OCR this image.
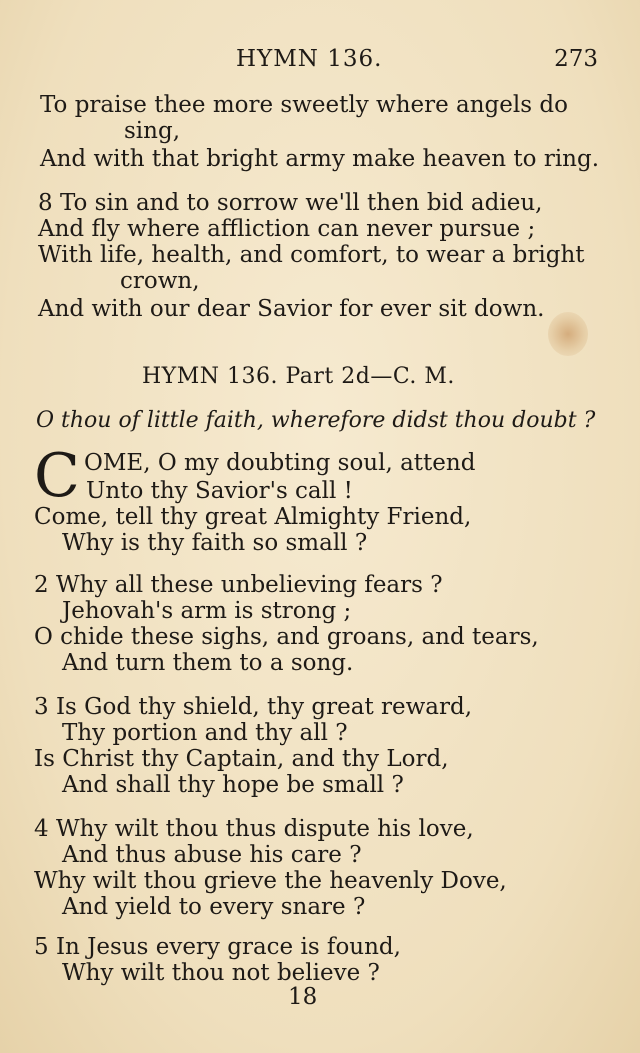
HYMN 136.	273
To praise thee more sweetly where angels do
sing,
And with that bright army make heaven to ring.
8 To sin and to sorrow we'll then bid adieu,
And fly where affliction can never pursue ;
With life, health, and comfort, to wear a bright
crown,
And with our dear Savior for ever sit down.
HYMN 136. Part 2d—C. M.
O thou of little faith, wherefore didst thou doubt ?
C OME, O my doubting soul, attend
Unto thy Savior's call !
Come, tell thy great Almighty Friend,
Why is thy faith so small ?
2 Why all these unbelieving fears ?
Jehovah's arm is strong ;
O chide these sighs, and groans, and tears,
And turn them to a song.
3 Is God thy shield, thy great reward,
Thy portion and thy all ?
Is Christ thy Captain, and thy Lord,
And shall thy hope be small ?
4 Why wilt thou thus dispute his love,
And thus abuse his care ?
Why wilt thou grieve the heavenly Dove,
And yield to every snare ?
5 In Jesus every grace is found,
Why wilt thou not believe ?
18
